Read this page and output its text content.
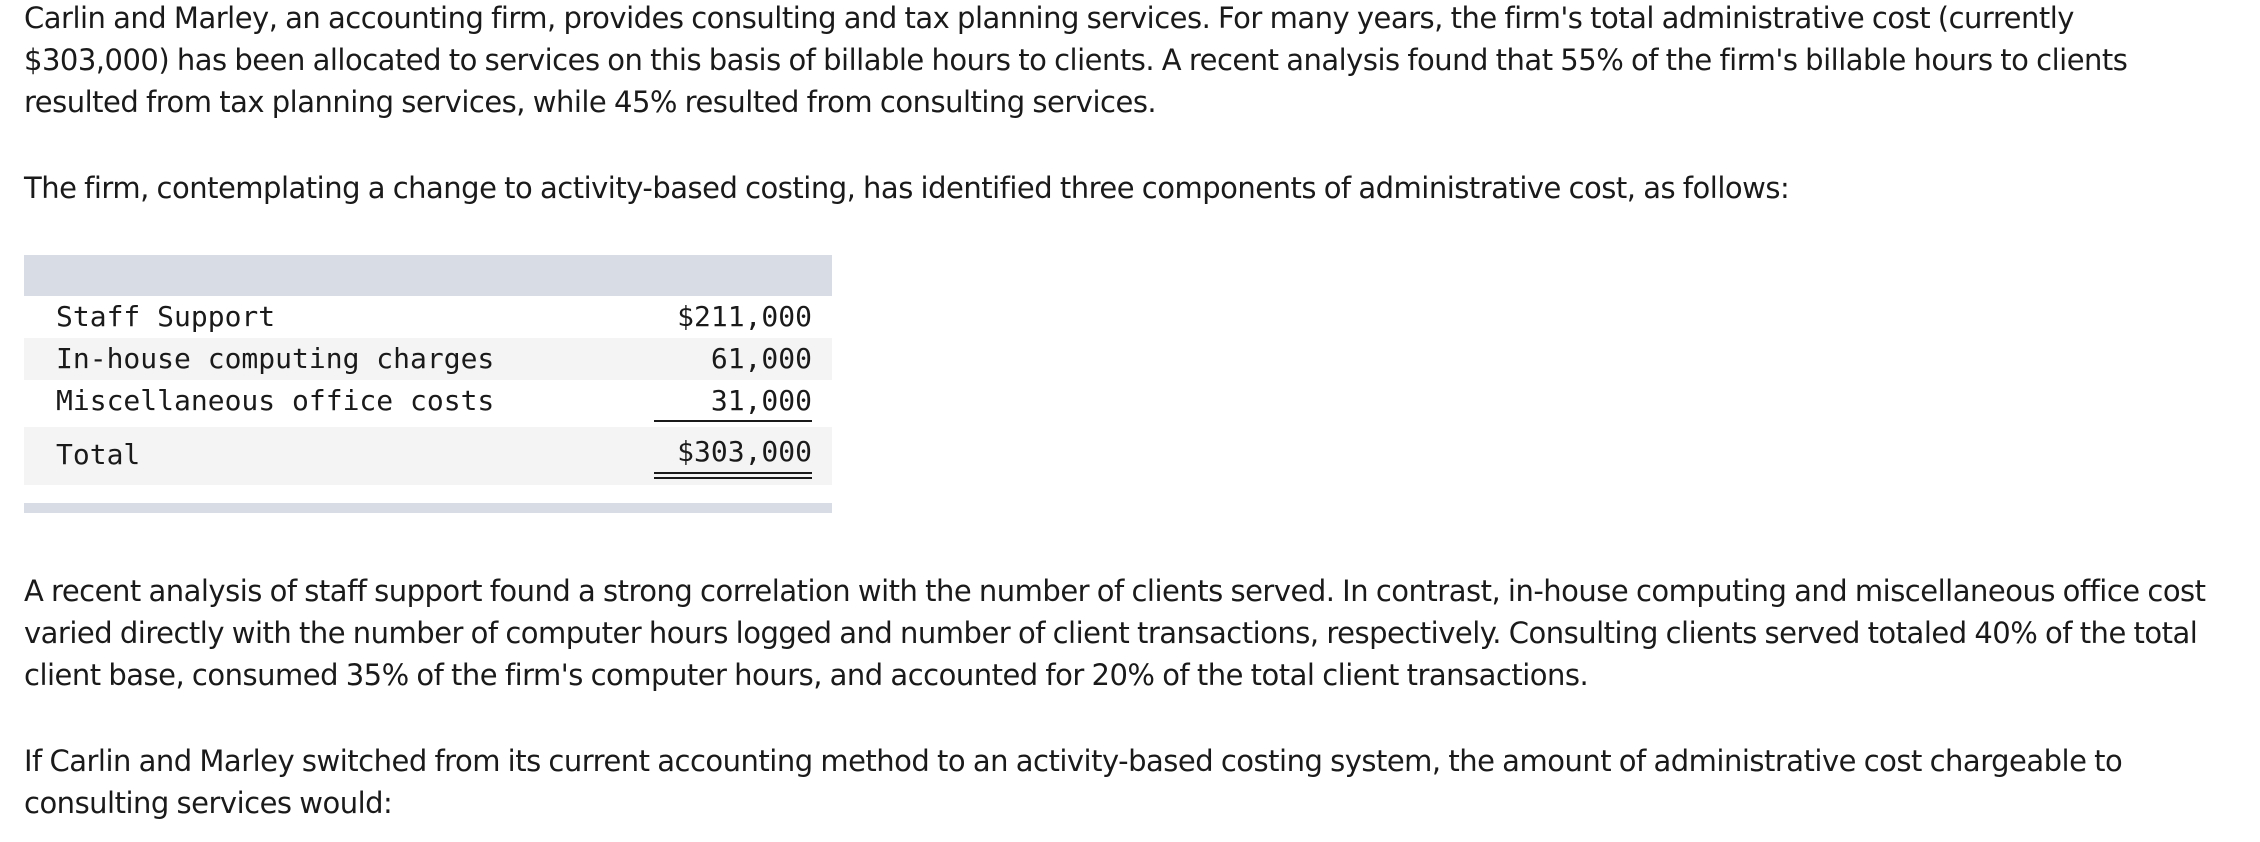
Carlin and Marley, an accounting firm, provides consulting and tax planning services. For many years, the firm's total administrative cost (currently $303,000) has been allocated to services on this basis of billable hours to clients. A recent analysis found that 55% of the firm's billable hours to clients resulted from tax planning services, while 45% resulted from consulting services.

The firm, contemplating a change to activity-based costing, has identified three components of administrative cost, as follows:

Staff Support	$211,000
In-house computing charges	61,000
Miscellaneous office costs	31,000
Total	$303,000

A recent analysis of staff support found a strong correlation with the number of clients served. In contrast, in-house computing and miscellaneous office cost varied directly with the number of computer hours logged and number of client transactions, respectively. Consulting clients served totaled 40% of the total client base, consumed 35% of the firm's computer hours, and accounted for 20% of the total client transactions.

If Carlin and Marley switched from its current accounting method to an activity-based costing system, the amount of administrative cost chargeable to consulting services would:
